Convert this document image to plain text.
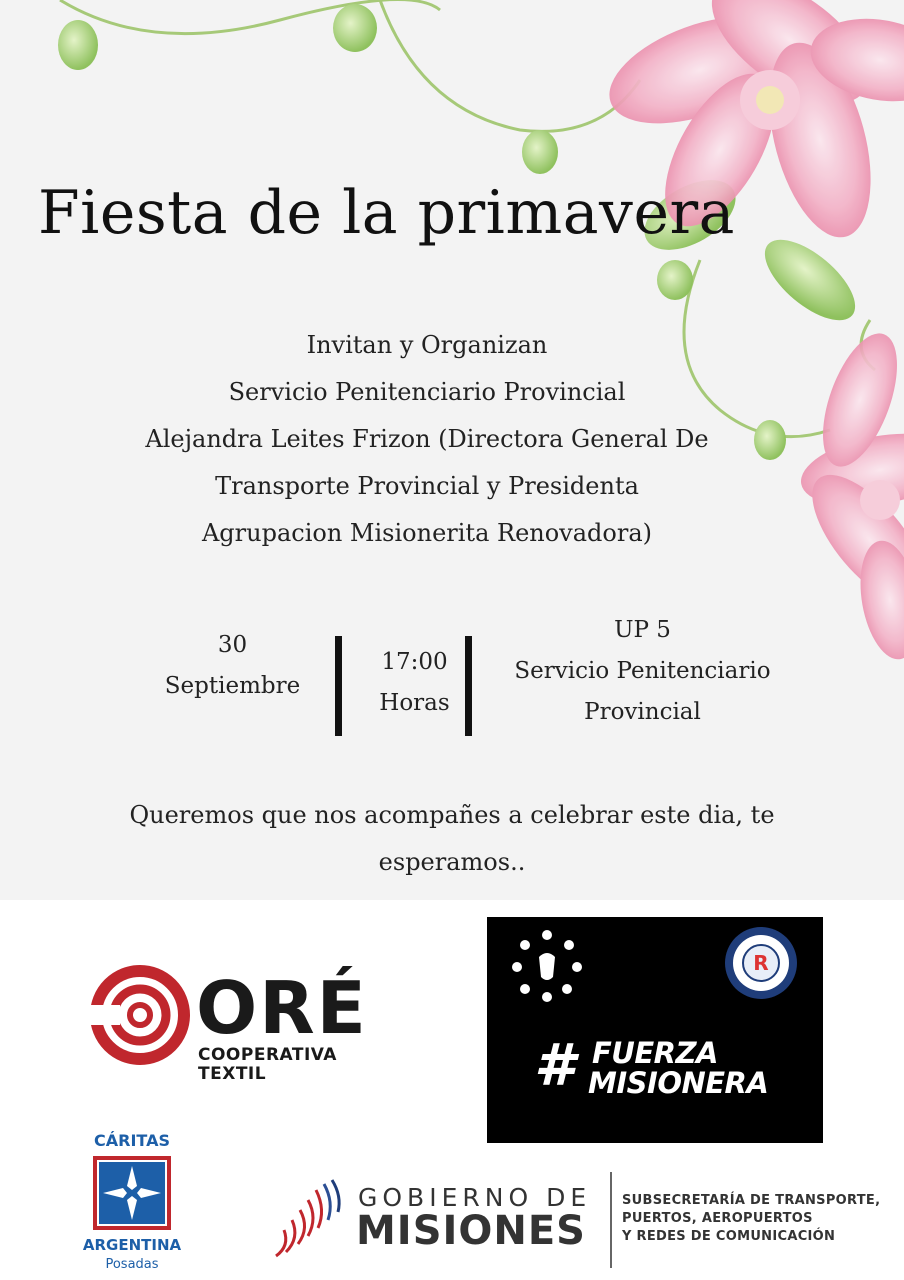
Fiesta de la primavera
Invitan y Organizan
Servicio Penitenciario Provincial
Alejandra Leites Frizon (Directora General De
Transporte Provincial y Presidenta
Agrupacion Misionerita Renovadora)
30
Septiembre
17:00
Horas
UP 5
Servicio Penitenciario
Provincial
Queremos que nos acompañes a celebrar este dia, te
esperamos..
ORÉ
COOPERATIVA
TEXTIL
R
# FUERZA
MISIONERA
CÁRITAS
ARGENTINA
Posadas
GOBIERNO DE
MISIONES
SUBSECRETARÍA DE TRANSPORTE,
PUERTOS, AEROPUERTOS
Y REDES DE COMUNICACIÓN
